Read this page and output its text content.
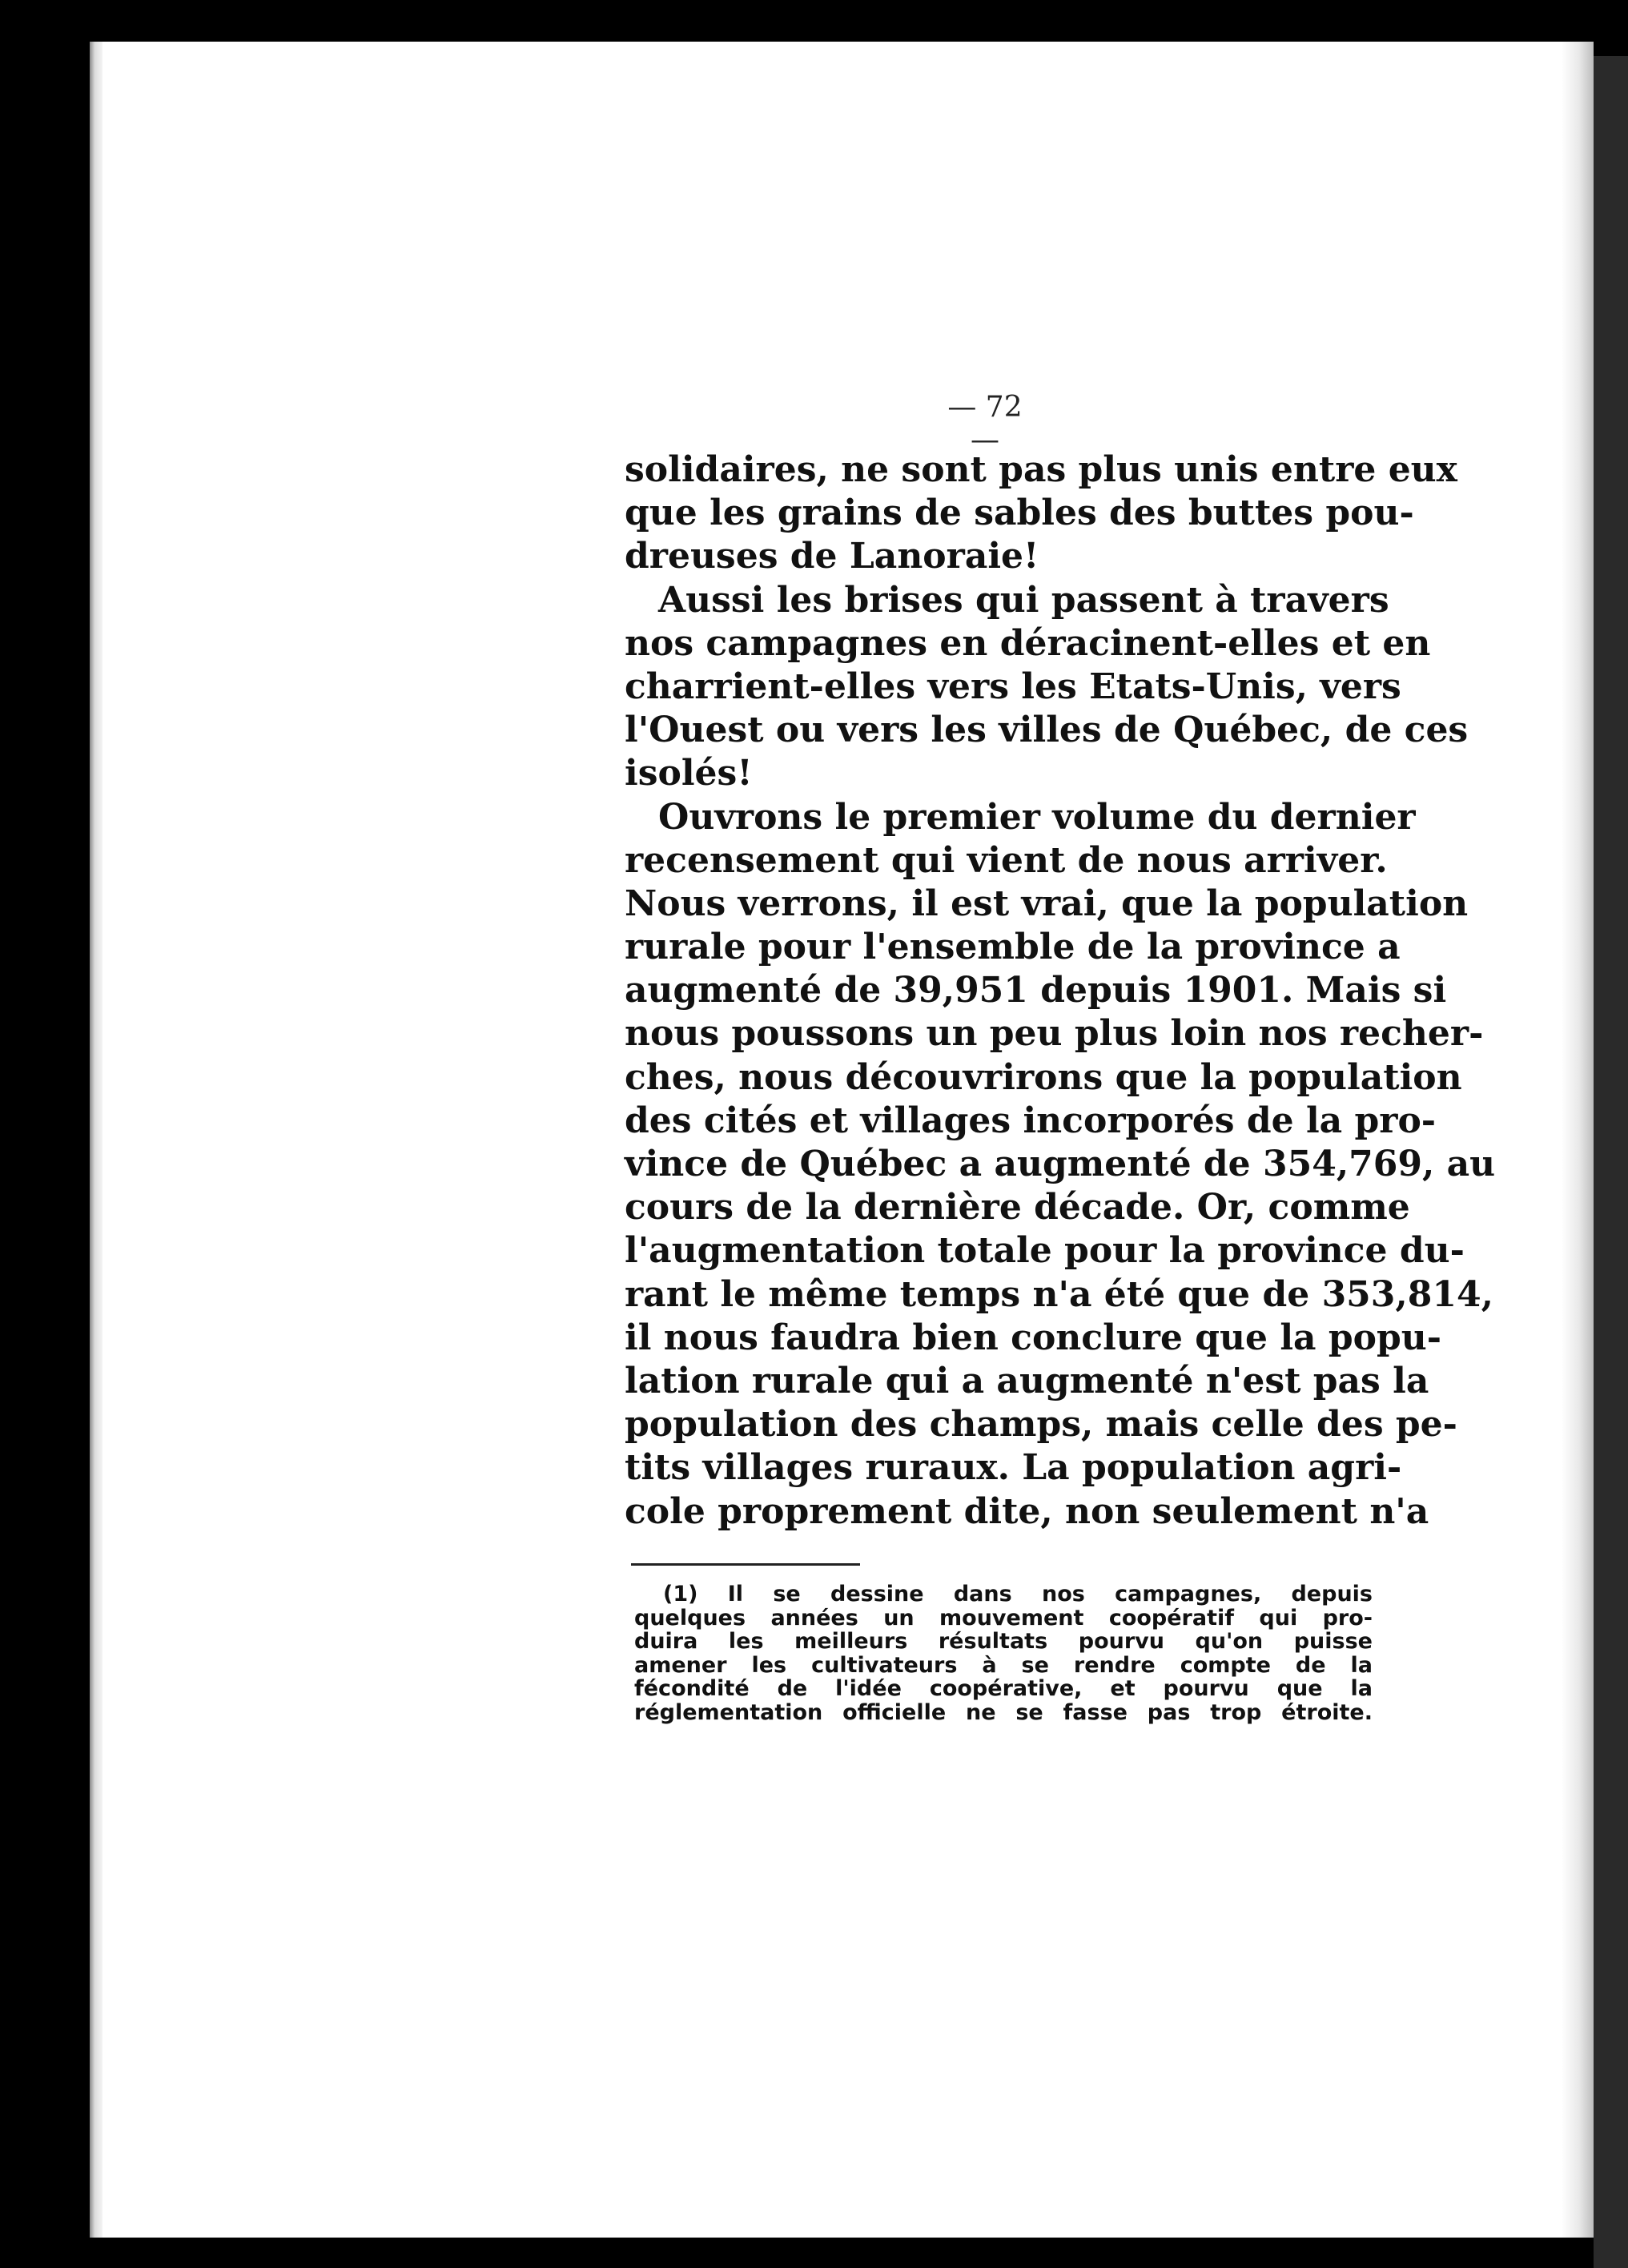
— 72 —
solidaires, ne sont pas plus unis entre eux
que les grains de sables des buttes pou-
dreuses de Lanoraie!
Aussi les brises qui passent à travers
nos campagnes en déracinent-elles et en
charrient-elles vers les Etats-Unis, vers
l'Ouest ou vers les villes de Québec, de ces
isolés!
Ouvrons le premier volume du dernier
recensement qui vient de nous arriver.
Nous verrons, il est vrai, que la population
rurale pour l'ensemble de la province a
augmenté de 39,951 depuis 1901. Mais si
nous poussons un peu plus loin nos recher-
ches, nous découvrirons que la population
des cités et villages incorporés de la pro-
vince de Québec a augmenté de 354,769, au
cours de la dernière décade. Or, comme
l'augmentation totale pour la province du-
rant le même temps n'a été que de 353,814,
il nous faudra bien conclure que la popu-
lation rurale qui a augmenté n'est pas la
population des champs, mais celle des pe-
tits villages ruraux. La population agri-
cole proprement dite, non seulement n'a
(1) Il se dessine dans nos campagnes, depuis
quelques années un mouvement coopératif qui pro-
duira les meilleurs résultats pourvu qu'on puisse
amener les cultivateurs à se rendre compte de la
fécondité de l'idée coopérative, et pourvu que la
réglementation officielle ne se fasse pas trop étroite.
